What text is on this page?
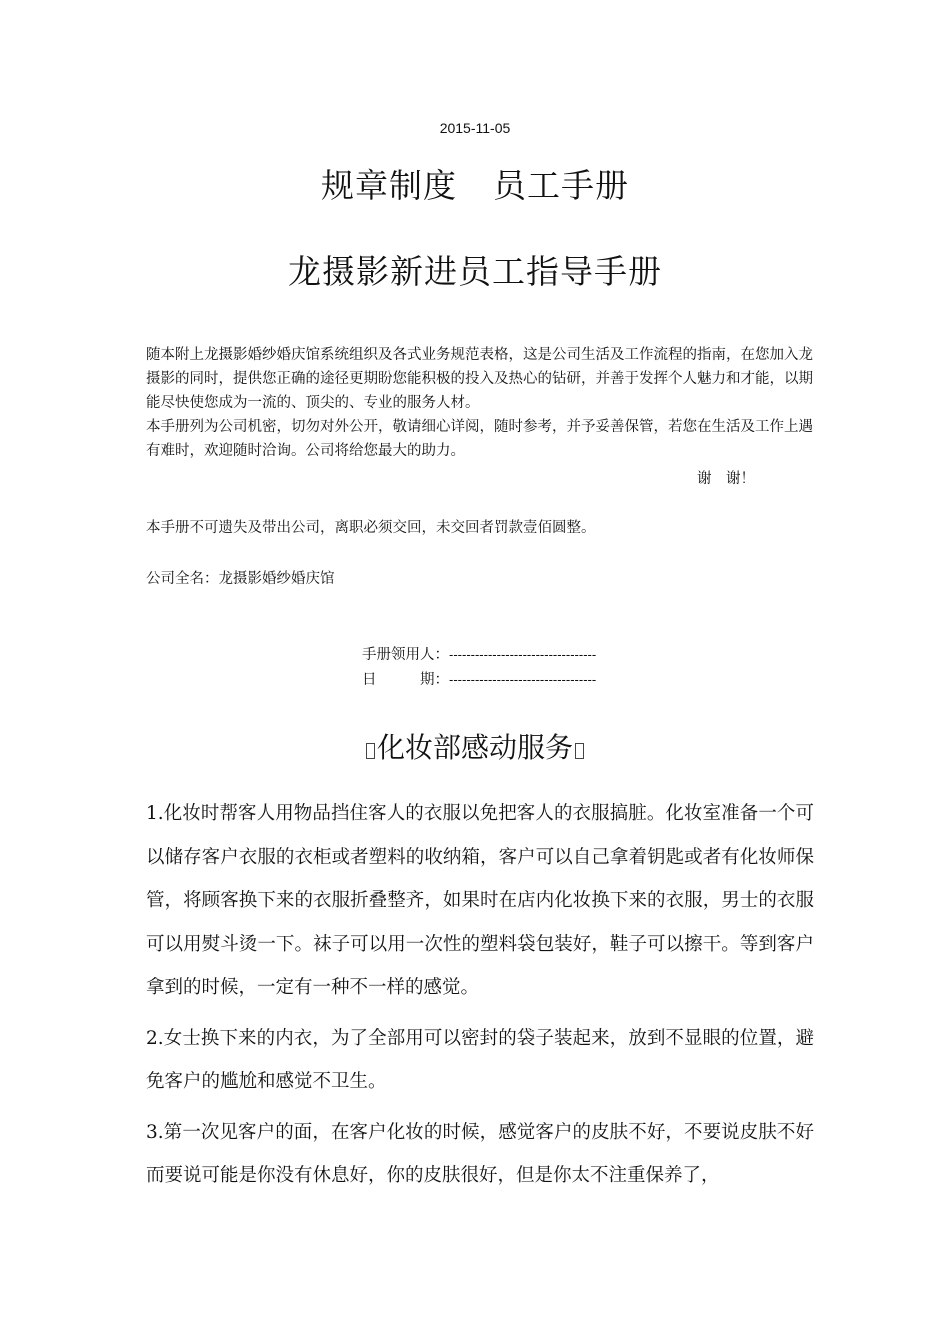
2015-11-05
规章制度 员工手册
龙摄影新进员工指导手册

随本附上龙摄影婚纱婚庆馆系统组织及各式业务规范表格，这是公司生活及工作流程的指南，在您加入龙摄影的同时，提供您正确的途径更期盼您能积极的投入及热心的钻研，并善于发挥个人魅力和才能，以期能尽快使您成为一流的、顶尖的、专业的服务人材。

本手册列为公司机密，切勿对外公开，敬请细心详阅，随时参考，并予妥善保管，若您在生活及工作上遇有难时，欢迎随时洽询。公司将给您最大的助力。

谢　谢！
本手册不可遗失及带出公司，离职必须交回，未交回者罚款壹佰圆整。
公司全名：龙摄影婚纱婚庆馆
手册领用人：----------------------------------
日　　　期：----------------------------------
化妆部感动服务

1.化妆时帮客人用物品挡住客人的衣服以免把客人的衣服搞脏。化妆室准备一个可以储存客户衣服的衣柜或者塑料的收纳箱，客户可以自己拿着钥匙或者有化妆师保管，将顾客换下来的衣服折叠整齐，如果时在店内化妆换下来的衣服，男士的衣服可以用熨斗烫一下。袜子可以用一次性的塑料袋包装好，鞋子可以擦干。等到客户拿到的时候，一定有一种不一样的感觉。

2.女士换下来的内衣，为了全部用可以密封的袋子装起来，放到不显眼的位置，避免客户的尴尬和感觉不卫生。

3.第一次见客户的面，在客户化妆的时候，感觉客户的皮肤不好，不要说皮肤不好而要说可能是你没有休息好，你的皮肤很好，但是你太不注重保养了，
